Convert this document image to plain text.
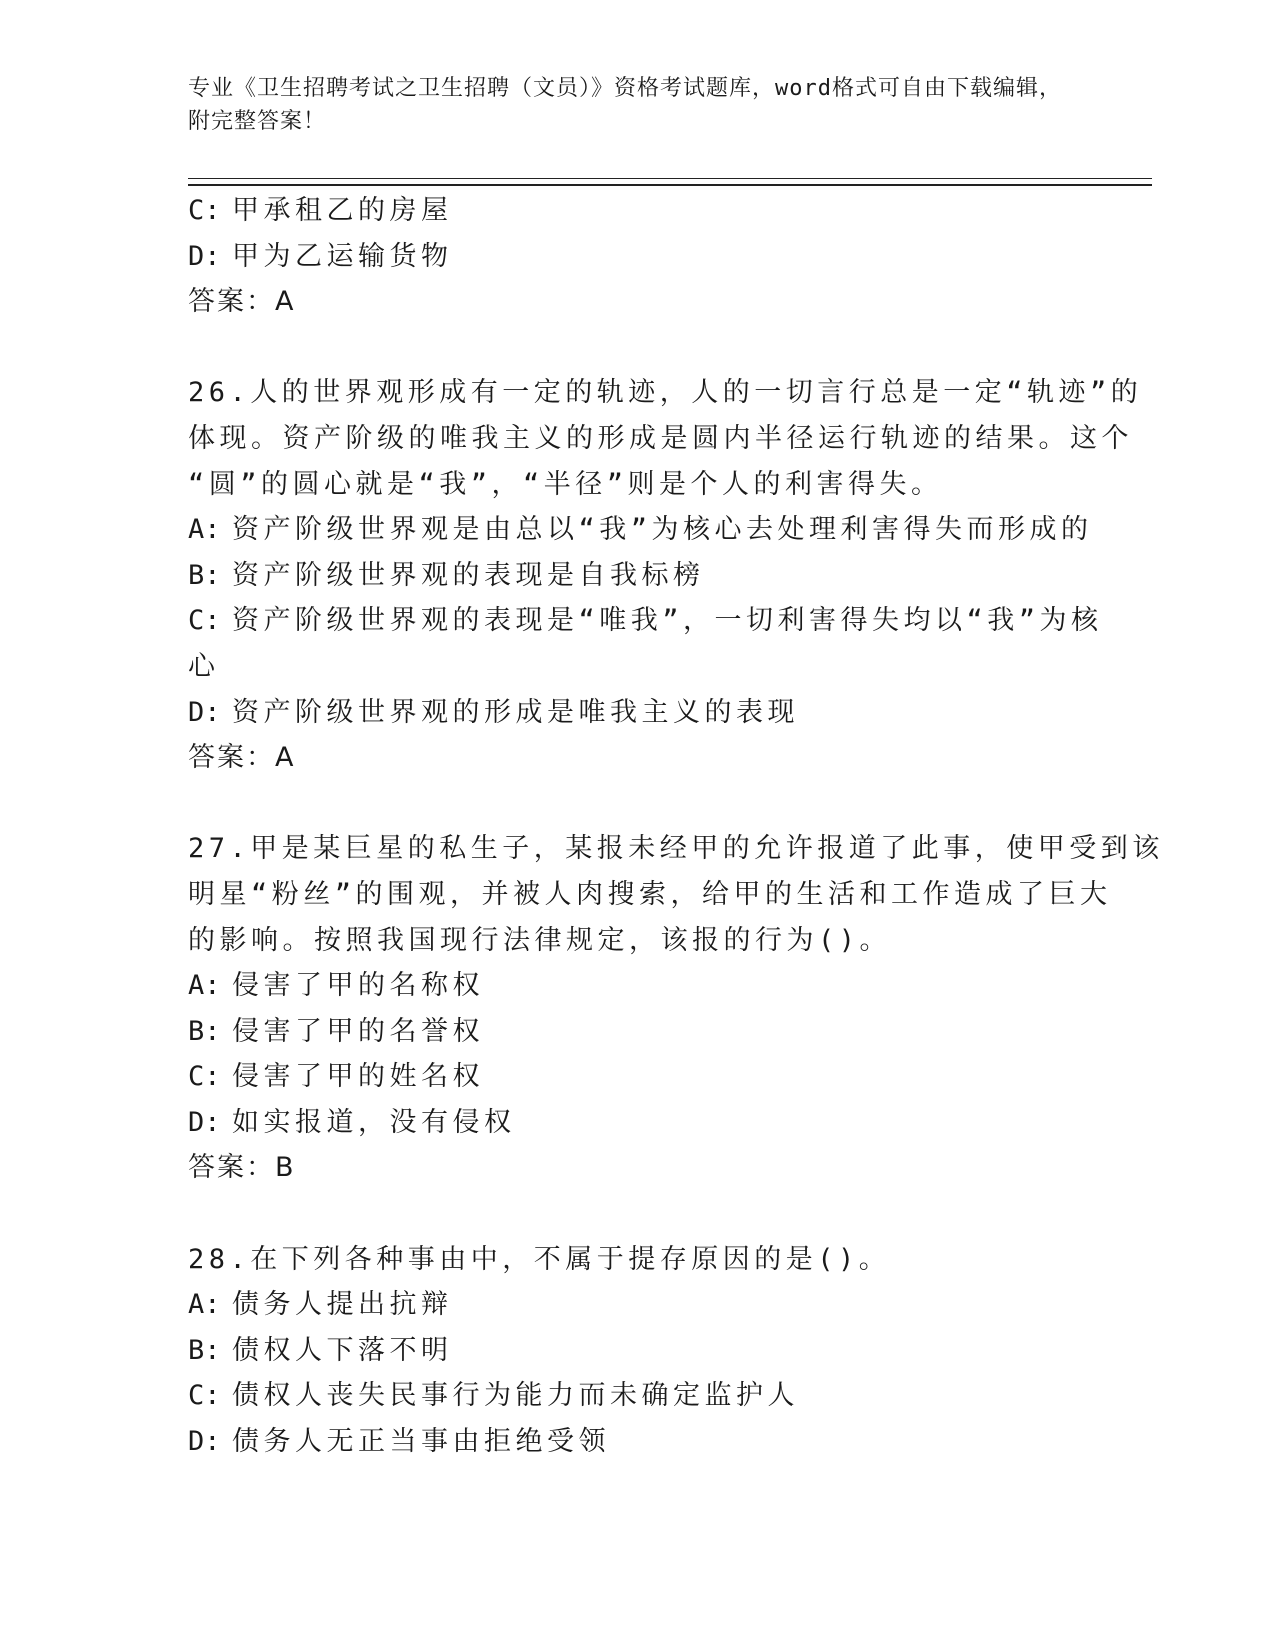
专业《卫生招聘考试之卫生招聘（文员）》资格考试题库，word格式可自由下载编辑，附完整答案！
C: 甲承租乙的房屋
D: 甲为乙运输货物
答案：A
26.人的世界观形成有一定的轨迹，人的一切言行总是一定“轨迹”的
体现。资产阶级的唯我主义的形成是圆内半径运行轨迹的结果。这个
“圆”的圆心就是“我”，“半径”则是个人的利害得失。
A: 资产阶级世界观是由总以“我”为核心去处理利害得失而形成的
B: 资产阶级世界观的表现是自我标榜
C: 资产阶级世界观的表现是“唯我”，一切利害得失均以“我”为核
心
D: 资产阶级世界观的形成是唯我主义的表现
答案：A
27.甲是某巨星的私生子，某报未经甲的允许报道了此事，使甲受到该
明星“粉丝”的围观，并被人肉搜索，给甲的生活和工作造成了巨大
的影响。按照我国现行法律规定，该报的行为()。
A: 侵害了甲的名称权
B: 侵害了甲的名誉权
C: 侵害了甲的姓名权
D: 如实报道，没有侵权
答案：B
28.在下列各种事由中，不属于提存原因的是()。
A: 债务人提出抗辩
B: 债权人下落不明
C: 债权人丧失民事行为能力而未确定监护人
D: 债务人无正当事由拒绝受领
